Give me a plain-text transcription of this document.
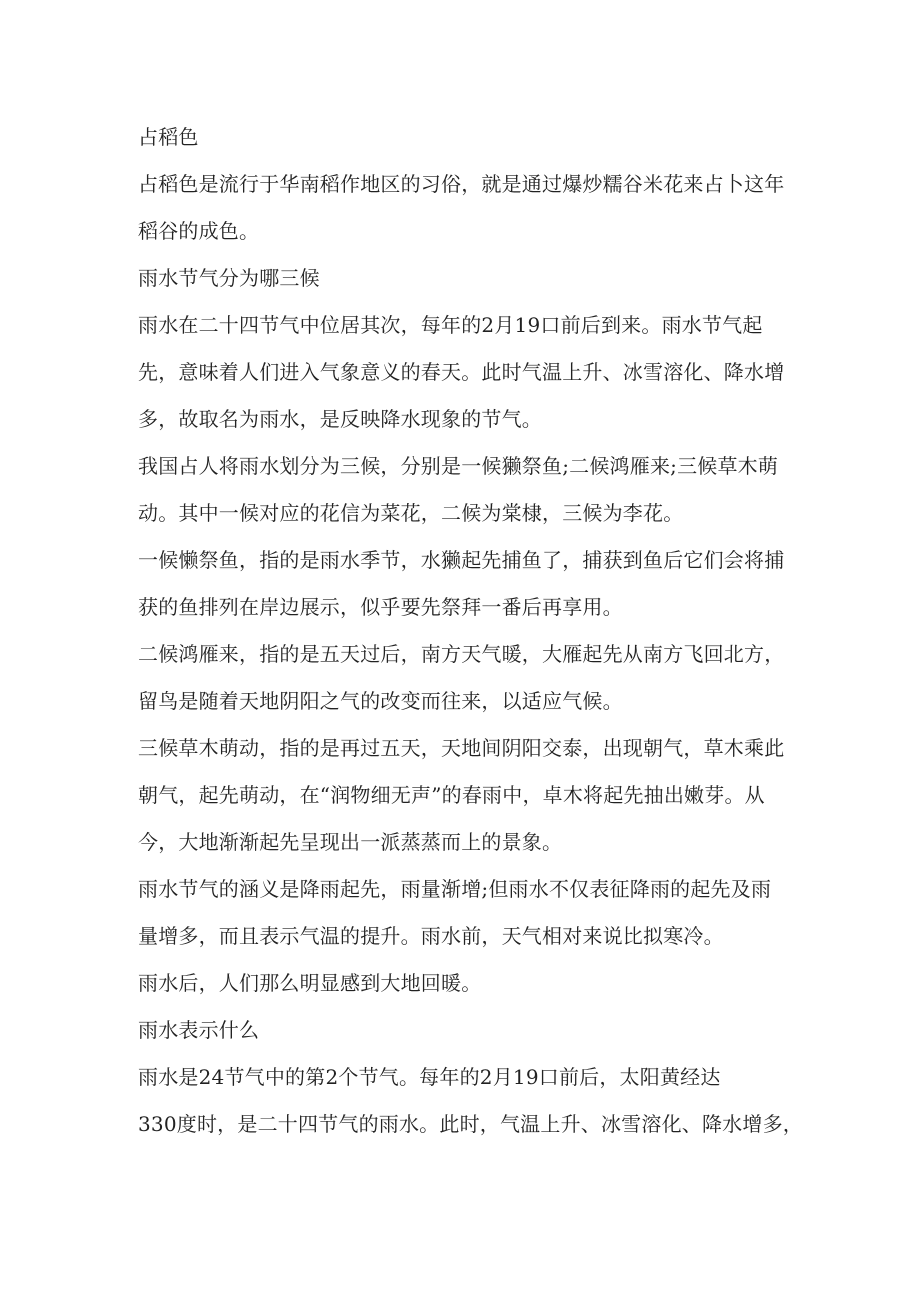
占稻色
占稻色是流行于华南稻作地区的习俗，就是通过爆炒糯谷米花来占卜这年
稻谷的成色。
雨水节气分为哪三候
雨水在二十四节气中位居其次，每年的2月19口前后到来。雨水节气起
先，意味着人们进入气象意义的春天。此时气温上升、冰雪溶化、降水增
多，故取名为雨水，是反映降水现象的节气。
我国占人将雨水划分为三候，分别是一候獭祭鱼;二候鸿雁来;三候草木萌
动。其中一候对应的花信为菜花，二候为棠棣，三候为李花。
一候懒祭鱼，指的是雨水季节，水獭起先捕鱼了，捕获到鱼后它们会将捕
获的鱼排列在岸边展示，似乎要先祭拜一番后再享用。
二候鸿雁来，指的是五天过后，南方天气暖，大雁起先从南方飞回北方，
留鸟是随着天地阴阳之气的改变而往来，以适应气候。
三候草木萌动，指的是再过五天，天地间阴阳交泰，出现朝气，草木乘此
朝气，起先萌动，在“润物细无声”的春雨中，卓木将起先抽出嫩芽。从
今，大地渐渐起先呈现出一派蒸蒸而上的景象。
雨水节气的涵义是降雨起先，雨量渐增;但雨水不仅表征降雨的起先及雨
量增多，而且表示气温的提升。雨水前，天气相对来说比拟寒冷。
雨水后，人们那么明显感到大地回暖。
雨水表示什么
雨水是24节气中的第2个节气。每年的2月19口前后，太阳黄经达
330度时，是二十四节气的雨水。此时，气温上升、冰雪溶化、降水增多，
